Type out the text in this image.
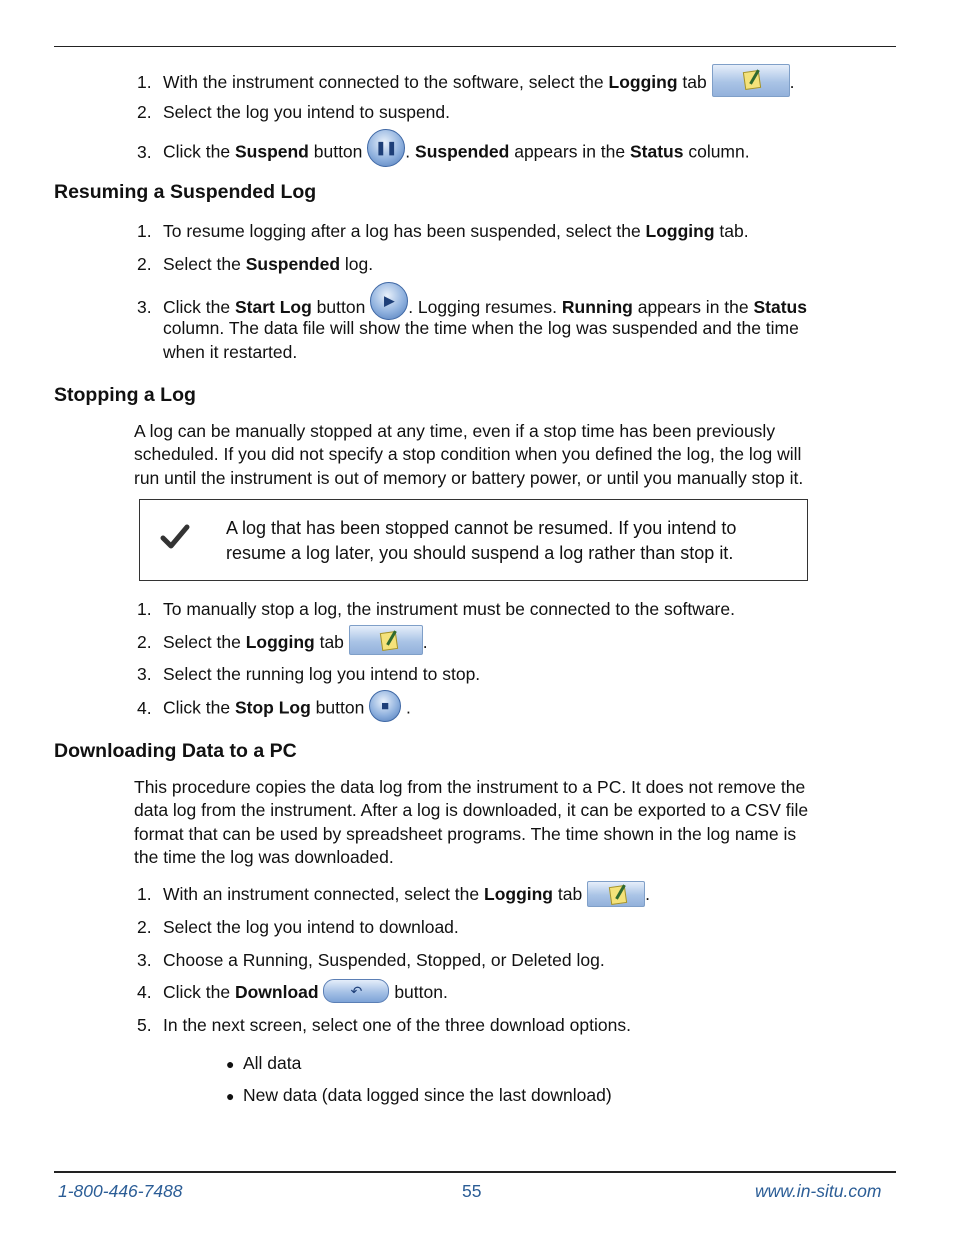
1. With the instrument connected to the software, select the Logging tab	.
2. Select the log you intend to suspend.
3. Click the Suspend button ❚❚ . Suspended appears in the Status column.
Resuming a Suspended Log
1. To resume logging after a log has been suspended, select the Logging tab.
2. Select the Suspended log.
3. Click the Start Log button	▶ . Logging resumes. Running appears in the Status
column. The data file will show the time when the log was suspended and the time
when it restarted.
Stopping a Log
A log can be manually stopped at any time, even if a stop time has been previously
scheduled. If you did not specify a stop condition when you defined the log, the log will
run until the instrument is out of memory or battery power, or until you manually stop it.
A log that has been stopped cannot be resumed. If you intend to
resume a log later, you should suspend a log rather than stop it.
1. To manually stop a log, the instrument must be connected to the software.
2. Select the Logging tab	.
3. Select the running log you intend to stop.
4. Click the Stop Log button ■ .
Downloading Data to a PC
This procedure copies the data log from the instrument to a PC. It does not remove the
data log from the instrument. After a log is downloaded, it can be exported to a CSV file
format that can be used by spreadsheet programs. The time shown in the log name is
the time the log was downloaded.
1. With an instrument connected, select the Logging tab	.
2. Select the log you intend to download.
3. Choose a Running, Suspended, Stopped, or Deleted log.
4. Click the Download	↶	button.
5. In the next screen, select one of the three download options.
● All data
● New data (data logged since the last download)
1-800-446-7488	55	www.in-situ.com
